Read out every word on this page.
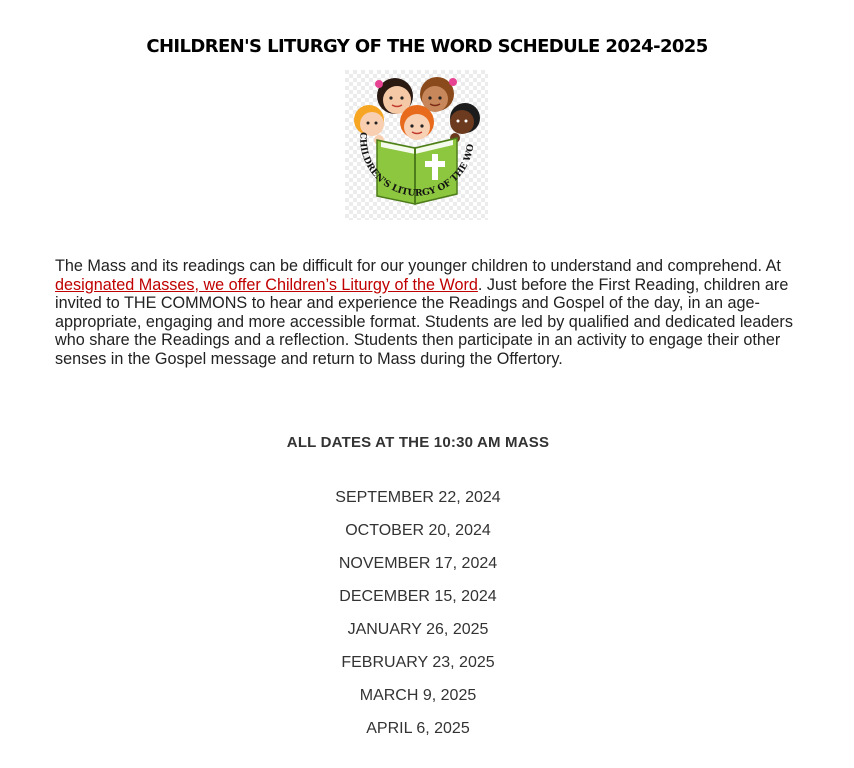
CHILDREN'S LITURGY OF THE WORD SCHEDULE 2024-2025
CHILDREN'S LITURGY OF THE WO

The Mass and its readings can be difficult for our younger children to understand and comprehend. At designated Masses, we offer Children’s Liturgy of the Word. Just before the First Reading, children are invited to THE COMMONS to hear and experience the Readings and Gospel of the day, in an age-appropriate, engaging and more accessible format. Students are led by qualified and dedicated leaders who share the Readings and a reflection. Students then participate in an activity to engage their other senses in the Gospel message and return to Mass during the Offertory.

ALL DATES AT THE 10:30 AM MASS
SEPTEMBER 22, 2024
OCTOBER 20, 2024
NOVEMBER 17, 2024
DECEMBER 15, 2024
JANUARY 26, 2025
FEBRUARY 23, 2025
MARCH 9, 2025
APRIL 6, 2025
